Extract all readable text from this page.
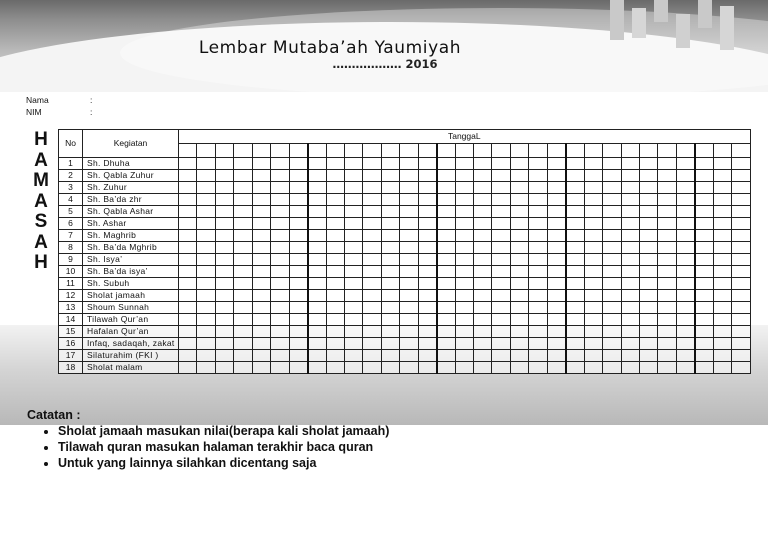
Lembar Mutaba’ah Yaumiyah
……………… 2016
Nama	:
NIM	:
H
A
M
A
S
A
H
No	Kegiatan	TanggaL																														

1	Sh. Dhuha																															
2	Sh. Qabla Zuhur																															
3	Sh. Zuhur																															
4	Sh. Ba’da zhr																															
5	Sh. Qabla Ashar																															
6	Sh. Ashar																															
7	Sh. Maghrib																															
8	Sh. Ba’da Mghrib																															
9	Sh. Isya’																															
10	Sh. Ba’da isya’																															
11	Sh. Subuh																															
12	Sholat jamaah																															
13	Shoum Sunnah																															
14	Tilawah Qur’an																															
15	Hafalan Qur’an																															
16	Infaq, sadaqah, zakat																															
17	Silaturahim (FKI )																															
18	Sholat malam																															
Catatan :
• Sholat jamaah masukan nilai(berapa kali sholat jamaah)
• Tilawah quran masukan halaman terakhir baca quran
• Untuk yang lainnya silahkan dicentang saja
